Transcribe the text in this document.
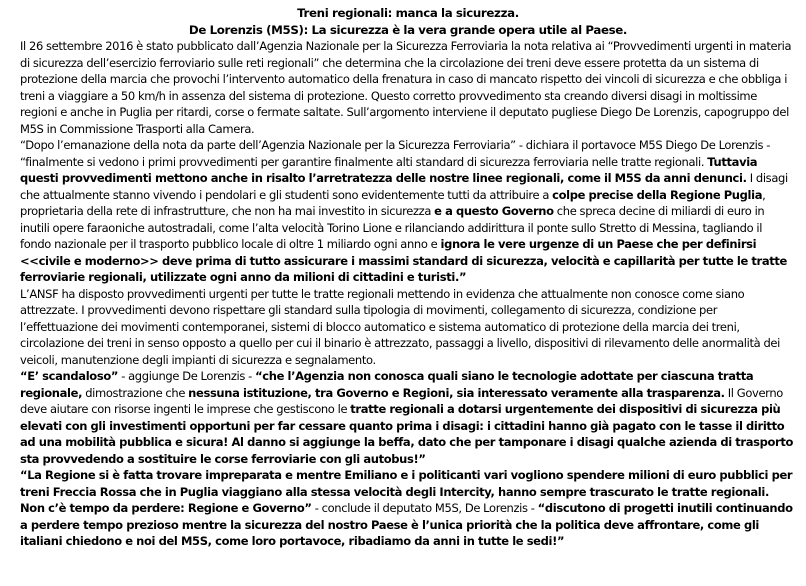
Treni regionali: manca la sicurezza.

De Lorenzis (M5S): La sicurezza è la vera grande opera utile al Paese.

Il 26 settembre 2016 è stato pubblicato dall’Agenzia Nazionale per la Sicurezza Ferroviaria la nota relativa ai “Provvedimenti urgenti in materia di sicurezza dell’esercizio ferroviario sulle reti regionali” che determina che la circolazione dei treni deve essere protetta da un sistema di protezione della marcia che provochi l’intervento automatico della frenatura in caso di mancato rispetto dei vincoli di sicurezza e che obbliga i treni a viaggiare a 50 km/h in assenza del sistema di protezione. Questo corretto provvedimento sta creando diversi disagi in moltissime regioni e anche in Puglia per ritardi, corse o fermate saltate. Sull’argomento interviene il deputato pugliese Diego De Lorenzis, capogruppo del M5S in Commissione Trasporti alla Camera.

“Dopo l’emanazione della nota da parte dell’Agenzia Nazionale per la Sicurezza Ferroviaria” - dichiara il portavoce M5S Diego De Lorenzis - “finalmente si vedono i primi provvedimenti per garantire finalmente alti standard di sicurezza ferroviaria nelle tratte regionali. Tuttavia questi provvedimenti mettono anche in risalto l’arretratezza delle nostre linee regionali, come il M5S da anni denunci. I disagi che attualmente stanno vivendo i pendolari e gli studenti sono evidentemente tutti da attribuire a colpe precise della Regione Puglia, proprietaria della rete di infrastrutture, che non ha mai investito in sicurezza e a questo Governo che spreca decine di miliardi di euro in inutili opere faraoniche autostradali, come l’alta velocità Torino Lione e rilanciando addirittura il ponte sullo Stretto di Messina, tagliando il fondo nazionale per il trasporto pubblico locale di oltre 1 miliardo ogni anno e ignora le vere urgenze di un Paese che per definirsi <<civile e moderno>> deve prima di tutto assicurare i massimi standard di sicurezza, velocità e capillarità per tutte le tratte ferroviarie regionali, utilizzate ogni anno da milioni di cittadini e turisti.”

L’ANSF ha disposto provvedimenti urgenti per tutte le tratte regionali mettendo in evidenza che attualmente non conosce come siano attrezzate. I provvedimenti devono rispettare gli standard sulla tipologia di movimenti, collegamento di sicurezza, condizione per l’effettuazione dei movimenti contemporanei, sistemi di blocco automatico e sistema automatico di protezione della marcia dei treni, circolazione dei treni in senso opposto a quello per cui il binario è attrezzato, passaggi a livello, dispositivi di rilevamento delle anormalità dei veicoli, manutenzione degli impianti di sicurezza e segnalamento.

“E’ scandaloso” - aggiunge De Lorenzis - “che l’Agenzia non conosca quali siano le tecnologie adottate per ciascuna tratta regionale, dimostrazione che nessuna istituzione, tra Governo e Regioni, sia interessato veramente alla trasparenza. Il Governo deve aiutare con risorse ingenti le imprese che gestiscono le tratte regionali a dotarsi urgentemente dei dispositivi di sicurezza più elevati con gli investimenti opportuni per far cessare quanto prima i disagi: i cittadini hanno già pagato con le tasse il diritto ad una mobilità pubblica e sicura! Al danno si aggiunge la beffa, dato che per tamponare i disagi qualche azienda di trasporto sta provvedendo a sostituire le corse ferroviarie con gli autobus!”

“La Regione si è fatta trovare impreparata e mentre Emiliano e i politicanti vari vogliono spendere milioni di euro pubblici per treni Freccia Rossa che in Puglia viaggiano alla stessa velocità degli Intercity, hanno sempre trascurato le tratte regionali. Non c’è tempo da perdere: Regione e Governo” - conclude il deputato M5S, De Lorenzis - “discutono di progetti inutili continuando a perdere tempo prezioso mentre la sicurezza del nostro Paese è l’unica priorità che la politica deve affrontare, come gli italiani chiedono e noi del M5S, come loro portavoce, ribadiamo da anni in tutte le sedi!”
